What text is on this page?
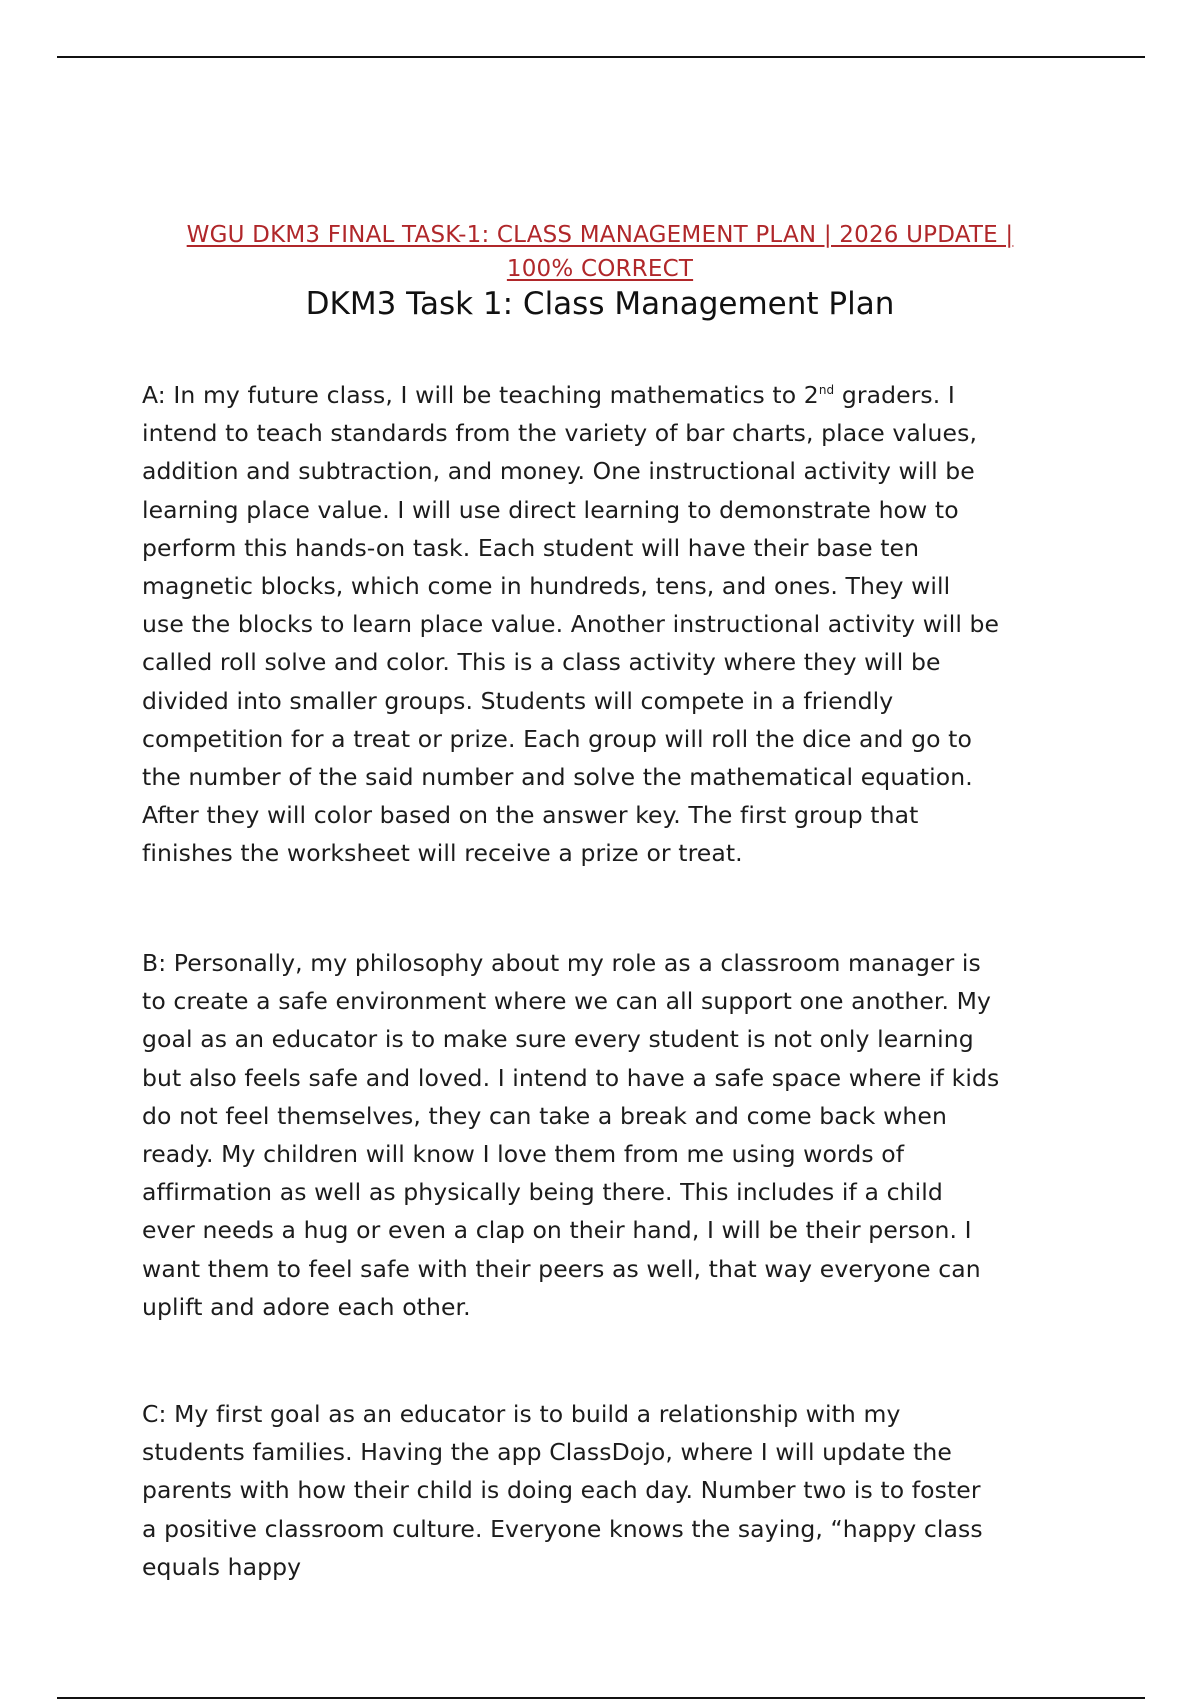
WGU DKM3 FINAL TASK-1: CLASS MANAGEMENT PLAN | 2026 UPDATE |
100% CORRECT
DKM3 Task 1: Class Management Plan
A: In my future class, I will be teaching mathematics to 2nd graders. I
intend to teach standards from the variety of bar charts, place values,
addition and subtraction, and money. One instructional activity will be
learning place value. I will use direct learning to demonstrate how to
perform this hands-on task. Each student will have their base ten
magnetic blocks, which come in hundreds, tens, and ones. They will
use the blocks to learn place value. Another instructional activity will be
called roll solve and color. This is a class activity where they will be
divided into smaller groups. Students will compete in a friendly
competition for a treat or prize. Each group will roll the dice and go to
the number of the said number and solve the mathematical equation.
After they will color based on the answer key. The first group that
finishes the worksheet will receive a prize or treat.
B: Personally, my philosophy about my role as a classroom manager is
to create a safe environment where we can all support one another. My
goal as an educator is to make sure every student is not only learning
but also feels safe and loved. I intend to have a safe space where if kids
do not feel themselves, they can take a break and come back when
ready. My children will know I love them from me using words of
affirmation as well as physically being there. This includes if a child
ever needs a hug or even a clap on their hand, I will be their person. I
want them to feel safe with their peers as well, that way everyone can
uplift and adore each other.
C: My first goal as an educator is to build a relationship with my
students families. Having the app ClassDojo, where I will update the
parents with how their child is doing each day. Number two is to foster
a positive classroom culture. Everyone knows the saying, “happy class
equals happy
